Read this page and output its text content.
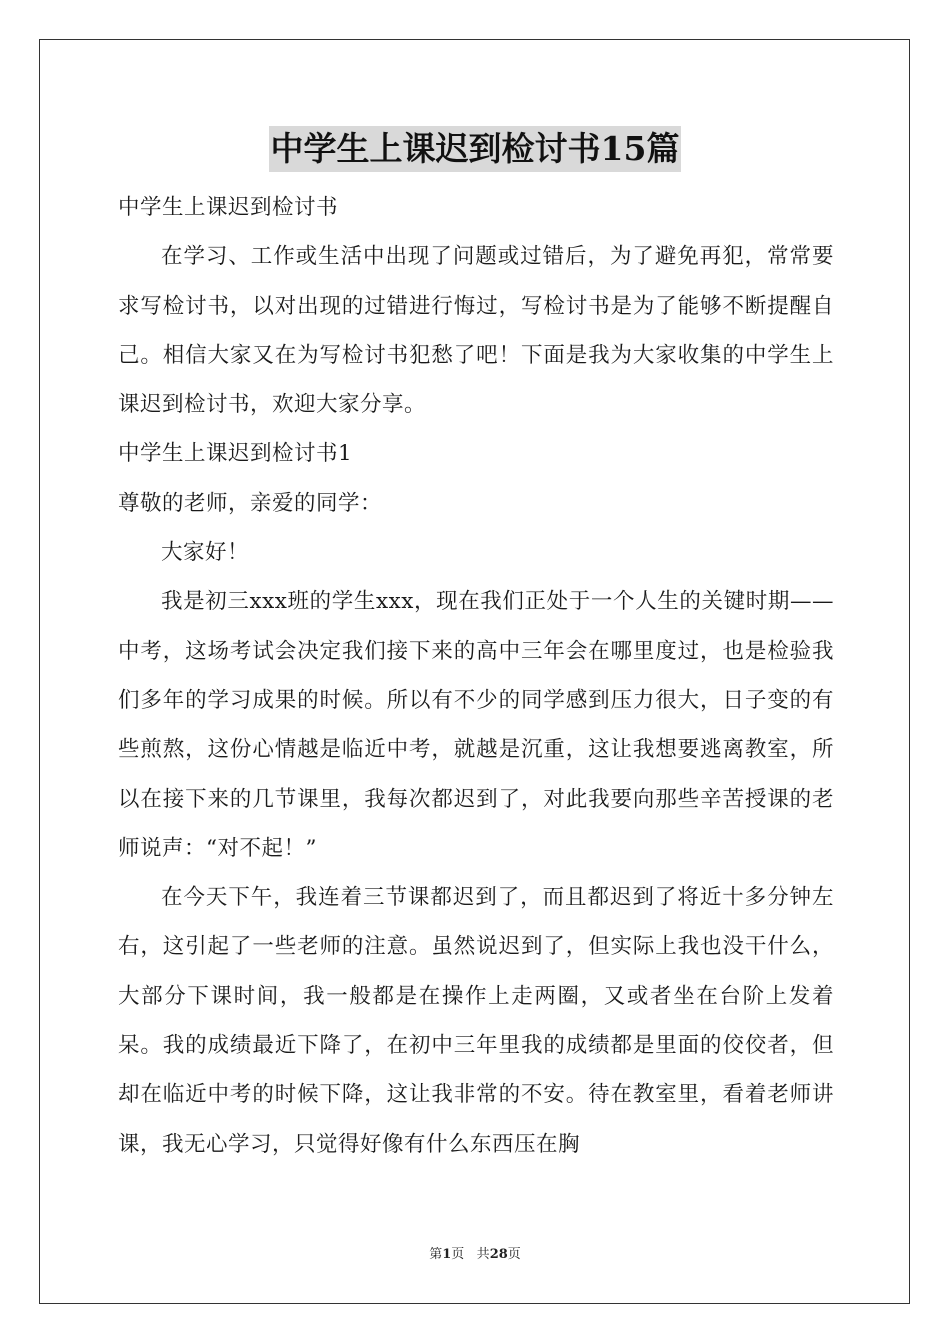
中学生上课迟到检讨书15篇

中学生上课迟到检讨书

在学习、工作或生活中出现了问题或过错后，为了避免再犯，常常要求写检讨书，以对出现的过错进行悔过，写检讨书是为了能够不断提醒自己。相信大家又在为写检讨书犯愁了吧！下面是我为大家收集的中学生上课迟到检讨书，欢迎大家分享。

中学生上课迟到检讨书1

尊敬的老师，亲爱的同学：

大家好！

我是初三xxx班的学生xxx，现在我们正处于一个人生的关键时期——中考，这场考试会决定我们接下来的高中三年会在哪里度过，也是检验我们多年的学习成果的时候。所以有不少的同学感到压力很大，日子变的有些煎熬，这份心情越是临近中考，就越是沉重，这让我想要逃离教室，所以在接下来的几节课里，我每次都迟到了，对此我要向那些辛苦授课的老师说声：“对不起！”

在今天下午，我连着三节课都迟到了，而且都迟到了将近十多分钟左右，这引起了一些老师的注意。虽然说迟到了，但实际上我也没干什么，大部分下课时间，我一般都是在操作上走两圈，又或者坐在台阶上发着呆。我的成绩最近下降了，在初中三年里我的成绩都是里面的佼佼者，但却在临近中考的时候下降，这让我非常的不安。待在教室里，看着老师讲课，我无心学习，只觉得好像有什么东西压在胸

第1页 共28页
